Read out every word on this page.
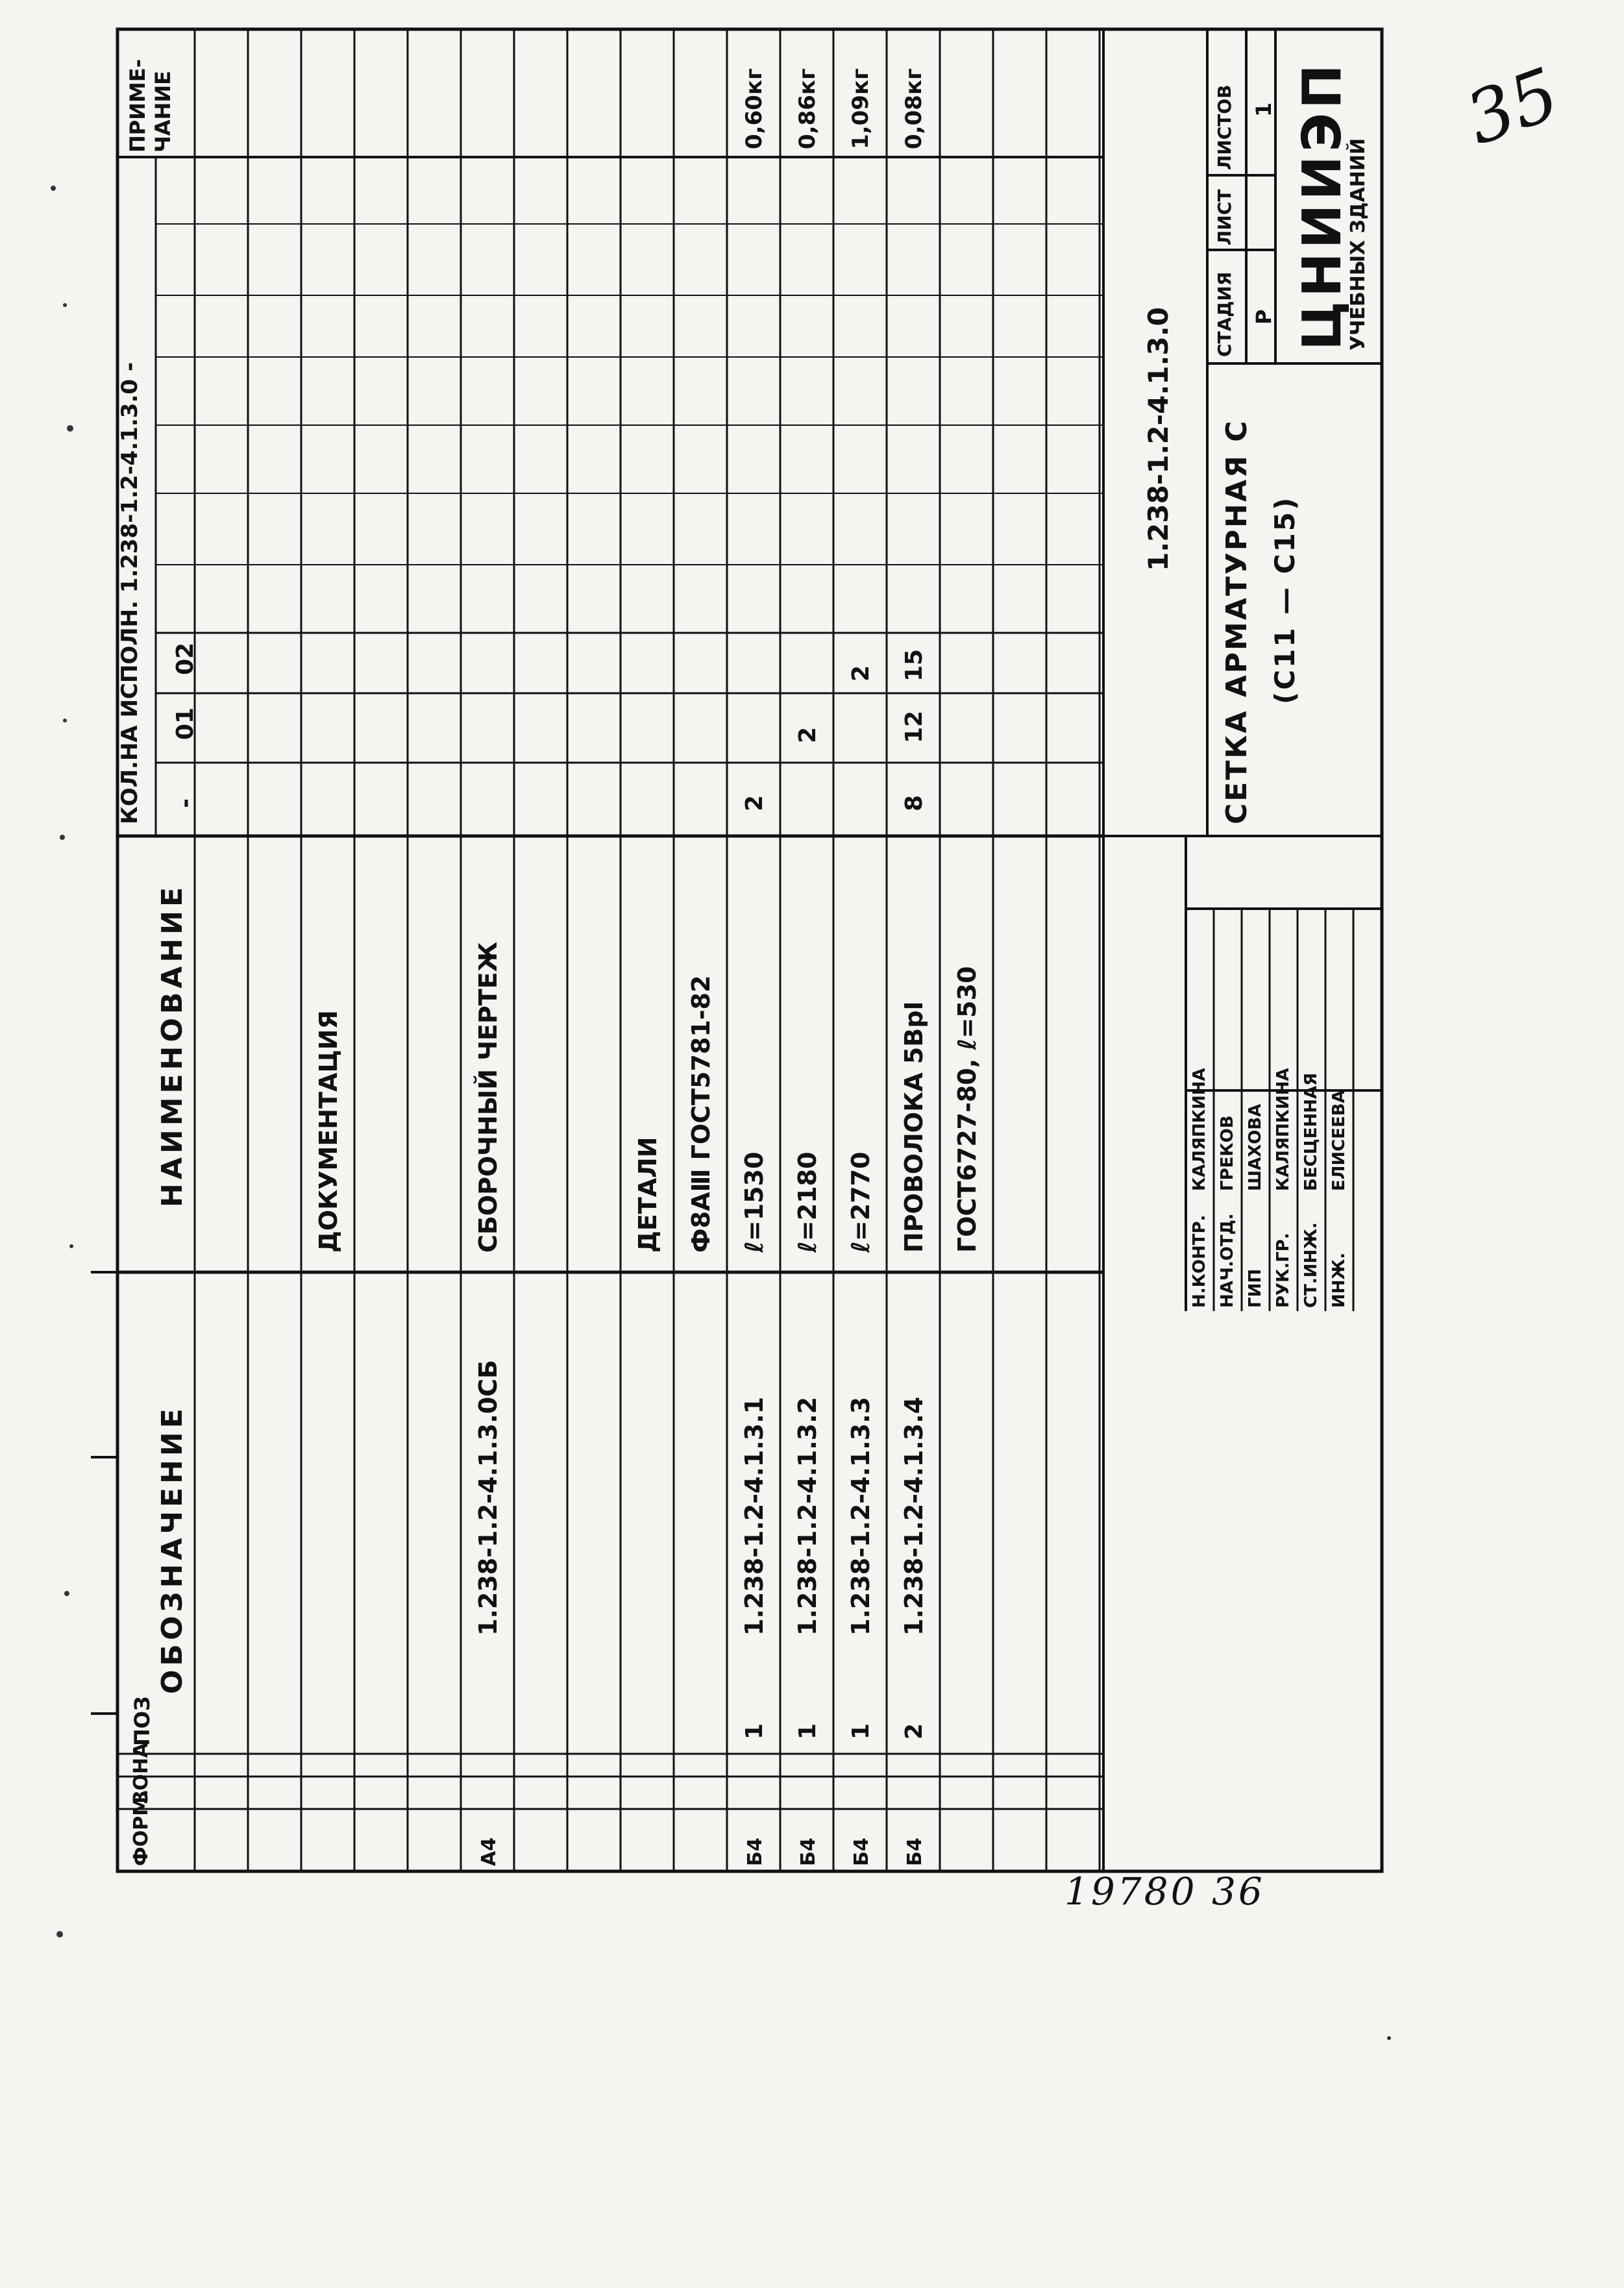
35
19780 36
ФОРМ.
ЗОНА
ПОЗ
ОБОЗНАЧЕНИЕ
НАИМЕНОВАНИЕ
КОЛ.НА ИСПОЛН. 1.238-1.2-4.1.3.0 - -
01
02
ПРИМЕ- ЧАНИЕ
ДОКУМЕНТАЦИЯ
А4
1.238-1.2-4.1.3.0СБ
СБОРОЧНЫЙ ЧЕРТЕЖ	ДЕТАЛИ Ф8АⅢ ГОСТ5781-82
Б4
1
1.238-1.2-4.1.3.1
ℓ=1530
2
0,60кг
Б4
1
1.238-1.2-4.1.3.2
ℓ=2180
2
0,86кг
Б4
1
1.238-1.2-4.1.3.3
ℓ=2770
2
1,09кг
Б4
2
1.238-1.2-4.1.3.4
ПРОВОЛОКА 5ВрⅠ
8
12
15
0,08кг
ГОСТ6727-80, ℓ=530
1.238-1.2-4.1.3.0 СЕТКА АРМАТУРНАЯ С (С11 — С15)
СТАДИЯ
ЛИСТ
ЛИСТОВ
Р
1 ЦНИИЭП
УЧЕБНЫХ ЗДАНИЙ
Н.КОНТР.
КАЛЯПКИНА
НАЧ.ОТД.
ГРЕКОВ
ГИП
ШАХОВА
РУК.ГР.
КАЛЯПКИНА
СТ.ИНЖ.
БЕСЦЕННАЯ
ИНЖ.
ЕЛИСЕЕВА
